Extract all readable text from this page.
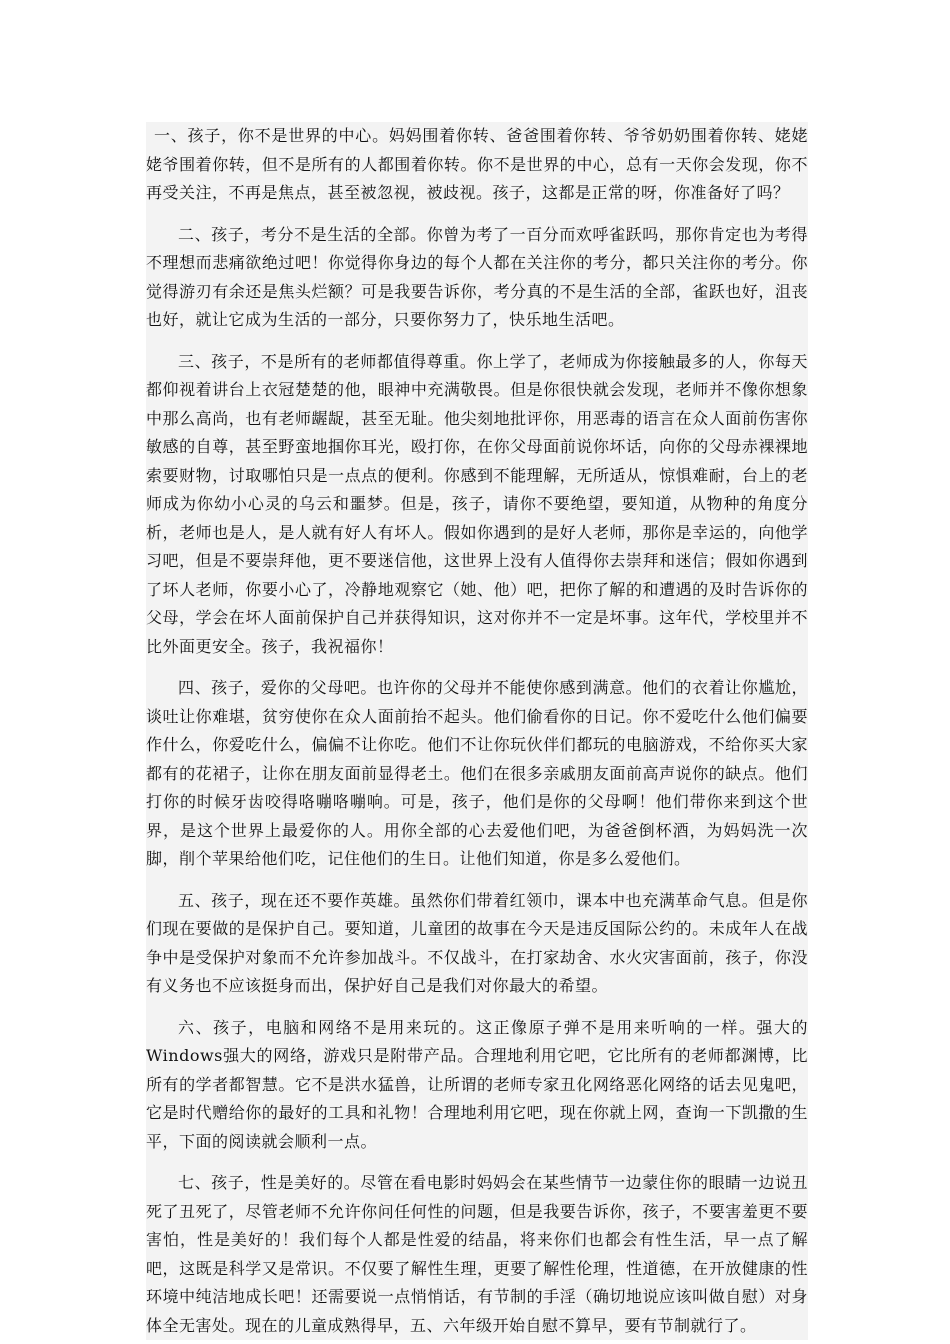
一、孩子，你不是世界的中心。妈妈围着你转、爸爸围着你转、爷爷奶奶围着你转、姥姥姥爷围着你转，但不是所有的人都围着你转。你不是世界的中心，总有一天你会发现，你不再受关注，不再是焦点，甚至被忽视，被歧视。孩子，这都是正常的呀，你准备好了吗？

二、孩子，考分不是生活的全部。你曾为考了一百分而欢呼雀跃吗，那你肯定也为考得不理想而悲痛欲绝过吧！你觉得你身边的每个人都在关注你的考分，都只关注你的考分。你觉得游刃有余还是焦头烂额？可是我要告诉你，考分真的不是生活的全部，雀跃也好，沮丧也好，就让它成为生活的一部分，只要你努力了，快乐地生活吧。

三、孩子，不是所有的老师都值得尊重。你上学了，老师成为你接触最多的人，你每天都仰视着讲台上衣冠楚楚的他，眼神中充满敬畏。但是你很快就会发现，老师并不像你想象中那么高尚，也有老师龌龊，甚至无耻。他尖刻地批评你，用恶毒的语言在众人面前伤害你敏感的自尊，甚至野蛮地掴你耳光，殴打你，在你父母面前说你坏话，向你的父母赤裸裸地索要财物，讨取哪怕只是一点点的便利。你感到不能理解，无所适从，惊惧难耐，台上的老师成为你幼小心灵的乌云和噩梦。但是，孩子，请你不要绝望，要知道，从物种的角度分析，老师也是人，是人就有好人有坏人。假如你遇到的是好人老师，那你是幸运的，向他学习吧，但是不要崇拜他，更不要迷信他，这世界上没有人值得你去崇拜和迷信；假如你遇到了坏人老师，你要小心了，冷静地观察它（她、他）吧，把你了解的和遭遇的及时告诉你的父母，学会在坏人面前保护自己并获得知识，这对你并不一定是坏事。这年代，学校里并不比外面更安全。孩子，我祝福你！

四、孩子，爱你的父母吧。也许你的父母并不能使你感到满意。他们的衣着让你尴尬，谈吐让你难堪，贫穷使你在众人面前抬不起头。他们偷看你的日记。你不爱吃什么他们偏要作什么，你爱吃什么，偏偏不让你吃。他们不让你玩伙伴们都玩的电脑游戏，不给你买大家都有的花裙子，让你在朋友面前显得老土。他们在很多亲戚朋友面前高声说你的缺点。他们打你的时候牙齿咬得咯嘣咯嘣响。可是，孩子，他们是你的父母啊！他们带你来到这个世界，是这个世界上最爱你的人。用你全部的心去爱他们吧，为爸爸倒杯酒，为妈妈洗一次脚，削个苹果给他们吃，记住他们的生日。让他们知道，你是多么爱他们。

五、孩子，现在还不要作英雄。虽然你们带着红领巾，课本中也充满革命气息。但是你们现在要做的是保护自己。要知道，儿童团的故事在今天是违反国际公约的。未成年人在战争中是受保护对象而不允许参加战斗。不仅战斗，在打家劫舍、水火灾害面前，孩子，你没有义务也不应该挺身而出，保护好自己是我们对你最大的希望。

六、孩子，电脑和网络不是用来玩的。这正像原子弹不是用来听响的一样。强大的Windows强大的网络，游戏只是附带产品。合理地利用它吧，它比所有的老师都渊博，比所有的学者都智慧。它不是洪水猛兽，让所谓的老师专家丑化网络恶化网络的话去见鬼吧，它是时代赠给你的最好的工具和礼物！合理地利用它吧，现在你就上网，查询一下凯撒的生平，下面的阅读就会顺利一点。

七、孩子，性是美好的。尽管在看电影时妈妈会在某些情节一边蒙住你的眼睛一边说丑死了丑死了，尽管老师不允许你问任何性的问题，但是我要告诉你，孩子，不要害羞更不要害怕，性是美好的！我们每个人都是性爱的结晶，将来你们也都会有性生活，早一点了解吧，这既是科学又是常识。不仅要了解性生理，更要了解性伦理，性道德，在开放健康的性环境中纯洁地成长吧！还需要说一点悄悄话，有节制的手淫（确切地说应该叫做自慰）对身体全无害处。现在的儿童成熟得早，五、六年级开始自慰不算早，要有节制就行了。
